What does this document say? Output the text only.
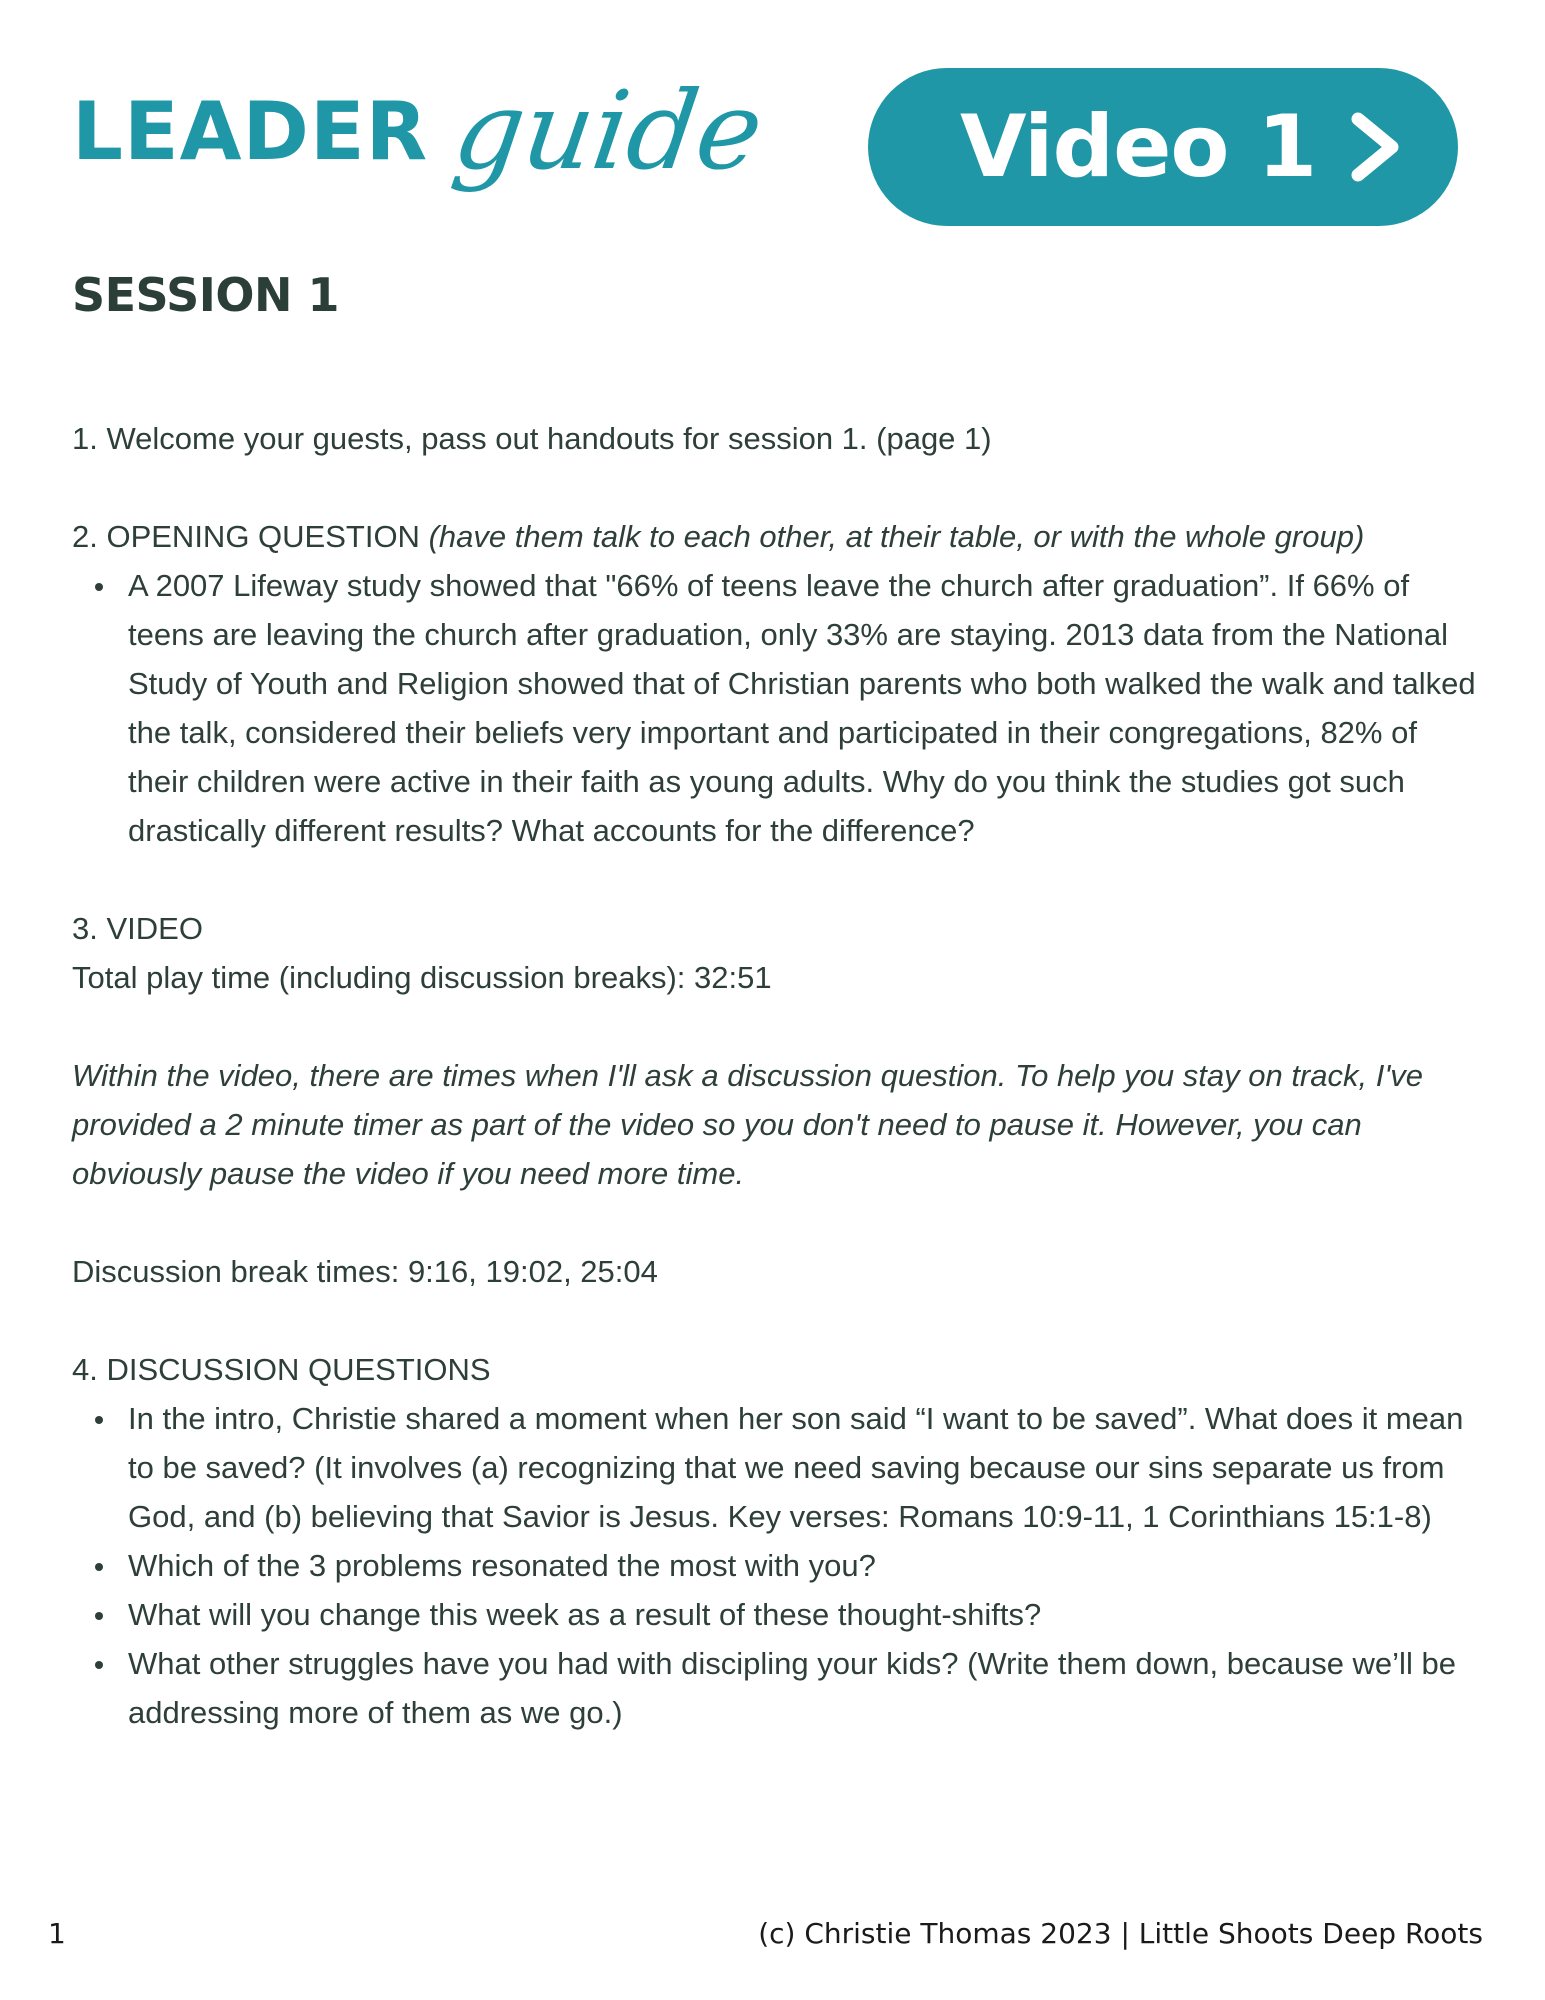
LEADER guide Video 1
SESSION 1

1. Welcome your guests, pass out handouts for session 1. (page 1)

2. OPENING QUESTION (have them talk to each other, at their table, or with the whole group)

A 2007 Lifeway study showed that "66% of teens leave the church after graduation”. If 66% of teens are leaving the church after graduation, only 33% are staying. 2013 data from the National Study of Youth and Religion showed that of Christian parents who both walked the walk and talked the talk, considered their beliefs very important and participated in their congregations, 82% of their children were active in their faith as young adults. Why do you think the studies got such drastically different results? What accounts for the difference?

3. VIDEO

Total play time (including discussion breaks): 32:51

Within the video, there are times when I'll ask a discussion question. To help you stay on track, I've provided a 2 minute timer as part of the video so you don't need to pause it. However, you can obviously pause the video if you need more time.

Discussion break times: 9:16, 19:02, 25:04

4. DISCUSSION QUESTIONS

In the intro, Christie shared a moment when her son said “I want to be saved”. What does it mean to be saved? (It involves (a) recognizing that we need saving because our sins separate us from God, and (b) believing that Savior is Jesus. Key verses: Romans 10:9-11, 1 Corinthians 15:1-8)
Which of the 3 problems resonated the most with you?
What will you change this week as a result of these thought-shifts?
What other struggles have you had with discipling your kids? (Write them down, because we’ll be addressing more of them as we go.)
1	(c) Christie Thomas 2023 | Little Shoots Deep Roots
